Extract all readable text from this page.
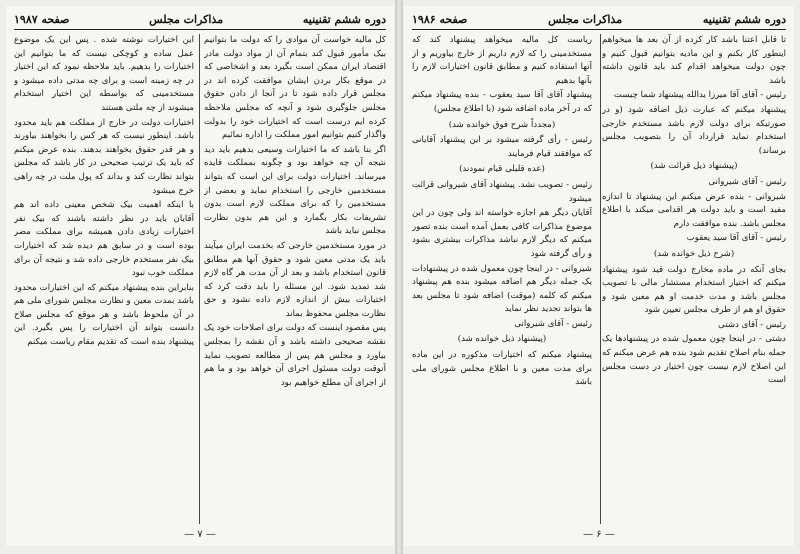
دوره ششم تقنینیه
مذاکرات مجلس
صفحه ۱۹۸۷

کل مالیه خواست آن موادی را که دولت ما بتوانیم بیک مأمور قبول کند بتمام آن از مواد دولت مادر اقتصاد ایران ممکن است بگیرد بعد و اشخاصی که در موقع بکار بردن ایشان موافقت کرده اند در مجلس قرار داده شود تا در آنجا از دادن حقوق مجلس جلوگیری شود و آنچه که مجلس ملاحظه کرده ایم درست است که اختیارات خود را بدولت واگذار کنیم بتوانیم امور مملکت را اداره نمائیم

اگر بنا باشد که ما اختیارات وسیعی بدهیم باید دید نتیجه آن چه خواهد بود و چگونه بمملکت فایده میرساند. اختیارات دولت برای این است که بتواند مستخدمین خارجی را استخدام نماید و بعضی از مستخدمین را که برای مملکت لازم است بدون تشریفات بکار بگمارد و این هم بدون نظارت مجلس نباید باشد

در مورد مستخدمین خارجی که بخدمت ایران میآیند باید یک مدتی معین شود و حقوق آنها هم مطابق قانون استخدام باشد و بعد از آن مدت هر گاه لازم شد تمدید شود. این مسئله را باید دقت کرد که اختیارات بیش از اندازه لازم داده نشود و حق نظارت مجلس محفوظ بماند

پس مقصود اینست که دولت برای اصلاحات خود یک نقشه صحیحی داشته باشد و آن نقشه را بمجلس بیاورد و مجلس هم پس از مطالعه تصویب نماید آنوقت دولت مسئول اجرای آن خواهد بود و ما هم از اجرای آن مطلع خواهیم بود

این اختیارات نوشته شده . پس این یک موضوع عمل ساده و کوچکی نیست که ما بتوانیم این اختیارات را بدهیم. باید ملاحظه نمود که این اختیار در چه زمینه است و برای چه مدتی داده میشود و مستخدمینی که بواسطه این اختیار استخدام میشوند از چه ملتی هستند

اختیارات دولت در خارج از مملکت هم باید محدود باشد. اینطور نیست که هر کس را بخواهند بیاورند و هر قدر حقوق بخواهند بدهند. بنده عرض میکنم که باید یک ترتیب صحیحی در کار باشد که مجلس بتواند نظارت کند و بداند که پول ملت در چه راهی خرج میشود

با اینکه اهمیت بیک شخص معینی داده اند هم آقایان باید در نظر داشته باشند که بیک نفر اختیارات زیادی دادن همیشه برای مملکت مضر بوده است و در سابق هم دیده شد که اختیارات بیک نفر مستخدم خارجی داده شد و نتیجه آن برای مملکت خوب نبود

بنابراین بنده پیشنهاد میکنم که این اختیارات محدود باشد بمدت معین و نظارت مجلس شورای ملی هم در آن ملحوظ باشد و هر موقع که مجلس صلاح دانست بتواند آن اختیارات را پس بگیرد. این پیشنهاد بنده است که تقدیم مقام ریاست میکنم

— ۷ —
دوره ششم تقنینیه
مذاکرات مجلس
صفحه ۱۹۸۶

تا قابل اعتنا باشد کار کرده از آن بعد ها میخواهم اینطور کار بکنم و این مادیه بتوانیم قبول کنیم و چون دولت میخواهد اقدام کند باید قانون داشته باشد

رئیس - آقای آقا میرزا یدالله پیشنهاد شما چیست

پیشنهاد میکنم که عبارت ذیل اضافه شود (و در صورتیکه برای دولت لازم باشد مستخدم خارجی استخدام نماید قرارداد آن را بتصویب مجلس برساند)

(پیشنهاد ذیل قرائت شد)

رئیس - آقای شیروانی

شیروانی - بنده عرض میکنم این پیشنهاد تا اندازه مفید است و باید دولت هر اقدامی میکند با اطلاع مجلس باشد. بنده موافقت دارم

رئیس - آقای آقا سید یعقوب

(شرح ذیل خوانده شد)

بجای آنکه در ماده مخارج دولت قید شود پیشنهاد میکنم که اختیار استخدام مستشار مالی با تصویب مجلس باشد و مدت خدمت او هم معین شود و حقوق او هم از طرف مجلس تعیین شود

رئیس - آقای دشتی

دشتی - در اینجا چون معمول شده در پیشنهادها یک جمله بنام اصلاح تقدیم شود بنده هم عرض میکنم که این اصلاح لازم نیست چون اختیار در دست مجلس است

ریاست کل مالیه میخواهد پیشنهاد کند که مستخدمینی را که لازم داریم از خارج بیاوریم و از آنها استفاده کنیم و مطابق قانون اختیارات لازم را بآنها بدهیم

پیشنهاد آقای آقا سید یعقوب - بنده پیشنهاد میکنم که در آخر ماده اضافه شود (با اطلاع مجلس)

(مجدداً شرح فوق خوانده شد)

رئیس - رأی گرفته میشود بر این پیشنهاد آقایانی که موافقند قیام فرمایند

(عده قلیلی قیام نمودند)

رئیس - تصویب نشد. پیشنهاد آقای شیروانی قرائت میشود

آقایان دیگر هم اجازه خواسته اند ولی چون در این موضوع مذاکرات کافی بعمل آمده است بنده تصور میکنم که دیگر لازم نباشد مذاکرات بیشتری بشود و رأی گرفته شود

شیروانی - در اینجا چون معمول شده در پیشنهادات یک جمله دیگر هم اضافه میشود بنده هم پیشنهاد میکنم که کلمه (موقت) اضافه شود تا مجلس بعد ها بتواند تجدید نظر نماید

رئیس - آقای شیروانی

(پیشنهاد ذیل خوانده شد)

پیشنهاد میکنم که اختیارات مذکوره در این ماده برای مدت معین و با اطلاع مجلس شورای ملی باشد

— ۶ —
